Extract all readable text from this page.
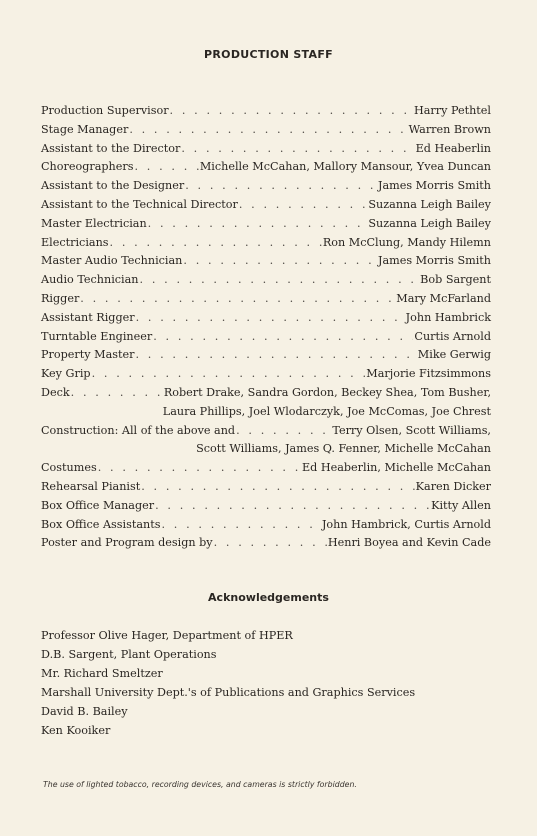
PRODUCTION STAFF
Production Supervisor . . .	Harry Pethtel
Stage Manager . . .	Warren Brown
Assistant to the Director . . .	Ed Heaberlin
Choreographers . . .	Michelle McCahan, Mallory Mansour, Yvea Duncan
Assistant to the Designer . . .	James Morris Smith
Assistant to the Technical Director . . .	Suzanna Leigh Bailey
Master Electrician . . .	Suzanna Leigh Bailey
Electricians . . .	Ron McClung, Mandy Hilemn
Master Audio Technician . . .	James Morris Smith
Audio Technician . . .	Bob Sargent
Rigger . . .	Mary McFarland
Assistant Rigger . . .	John Hambrick
Turntable Engineer . . .	Curtis Arnold
Property Master . . .	Mike Gerwig
Key Grip . . .	Marjorie Fitzsimmons
Deck . . .	Robert Drake, Sandra Gordon, Beckey Shea, Tom Busher,
Laura Phillips, Joel Wlodarczyk, Joe McComas, Joe Chrest
Construction: All of the above and . . .	Terry Olsen, Scott Williams,
Scott Williams, James Q. Fenner, Michelle McCahan
Costumes . . .	Ed Heaberlin, Michelle McCahan
Rehearsal Pianist . . .	Karen Dicker
Box Office Manager . . .	Kitty Allen
Box Office Assistants . . .	John Hambrick, Curtis Arnold
Poster and Program design by . . .	Henri Boyea and Kevin Cade
Acknowledgements
Professor Olive Hager, Department of HPER
D.B. Sargent, Plant Operations
Mr. Richard Smeltzer
Marshall University Dept.'s of Publications and Graphics Services
David B. Bailey
Ken Kooiker
The use of lighted tobacco, recording devices, and cameras is strictly forbidden.
